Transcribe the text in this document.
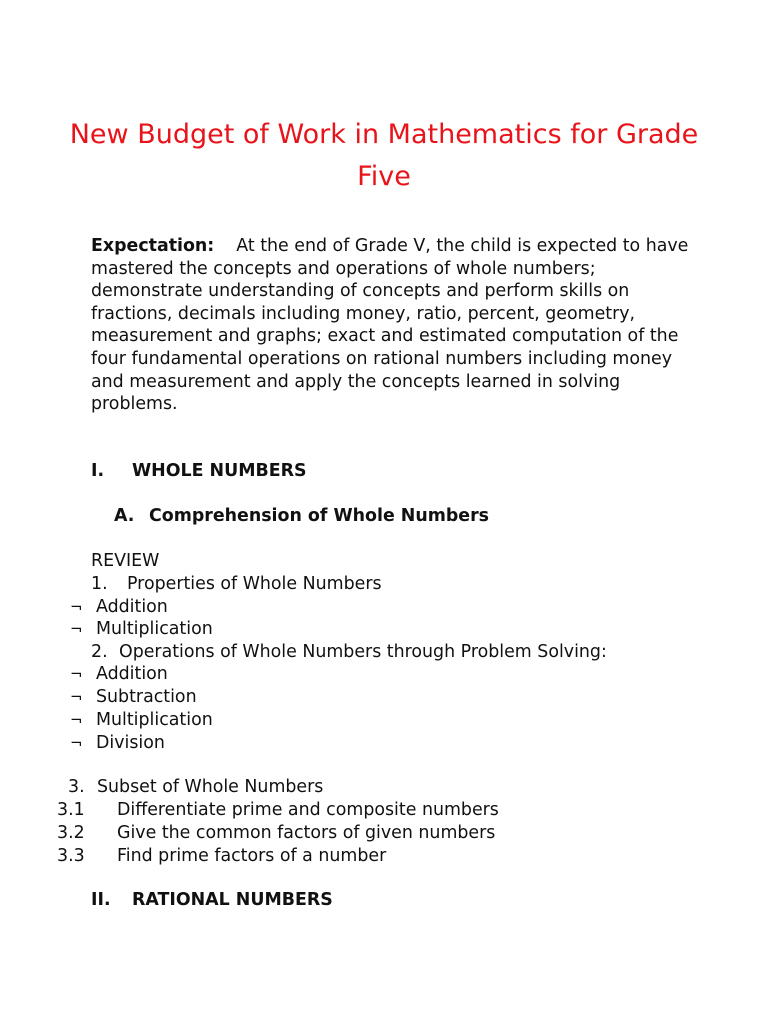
New Budget of Work in Mathematics for Grade Five

Expectation: At the end of Grade V, the child is expected to have mastered the concepts and operations of whole numbers; demonstrate understanding of concepts and perform skills on fractions, decimals including money, ratio, percent, geometry, measurement and graphs; exact and estimated computation of the four fundamental operations on rational numbers including money and measurement and apply the concepts learned in solving problems.

I. WHOLE NUMBERS

A. Comprehension of Whole Numbers

REVIEW

1. Properties of Whole Numbers

¬ Addition

¬ Multiplication

2. Operations of Whole Numbers through Problem Solving:

¬ Addition

¬ Subtraction

¬ Multiplication

¬ Division

3. Subset of Whole Numbers

3.1 Differentiate prime and composite numbers

3.2 Give the common factors of given numbers

3.3 Find prime factors of a number

II. RATIONAL NUMBERS
